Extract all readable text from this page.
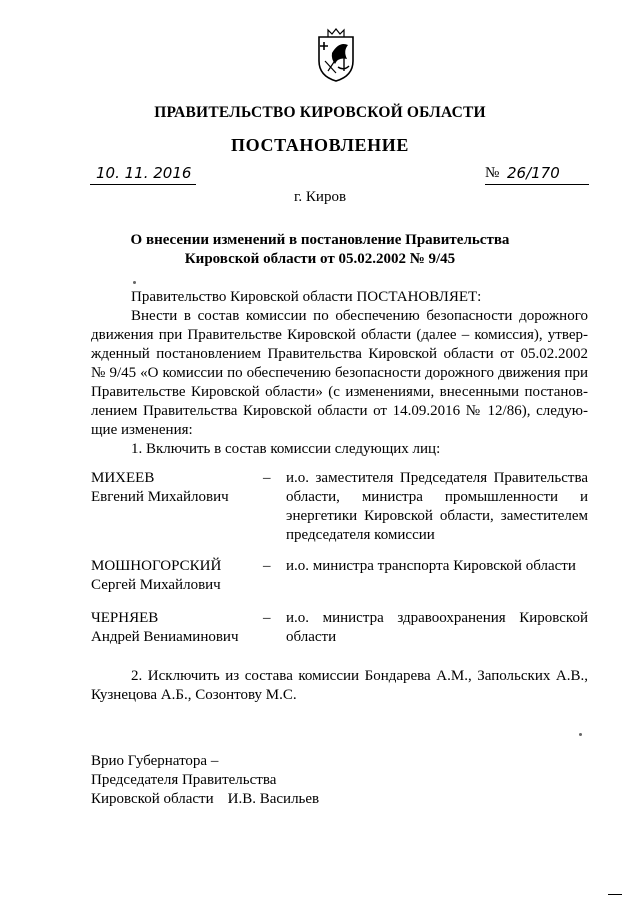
ПРАВИТЕЛЬСТВО КИРОВСКОЙ ОБЛАСТИ
ПОСТАНОВЛЕНИЕ
10. 11. 2016	№ 26/170
г. Киров
О внесении изменений в постановление Правительства
Кировской области от 05.02.2002 № 9/45
Правительство Кировской области ПОСТАНОВЛЯЕТ:
Внести в состав комиссии по обеспечению безопасности дорожного
движения при Правительстве Кировской области (далее – комиссия), утвер-
жденный постановлением Правительства Кировской области от 05.02.2002
№ 9/45 «О комиссии по обеспечению безопасности дорожного движения при
Правительстве Кировской области» (с изменениями, внесенными постанов-
лением Правительства Кировской области от 14.09.2016 № 12/86), следую-
щие изменения:
1. Включить в состав комиссии следующих лиц:
МИХЕЕВ
Евгений Михайлович
– и.о. заместителя Председателя Правительства области, министра промышленности и энергетики Кировской области, заместителем председателя комиссии
МОШНОГОРСКИЙ
Сергей Михайлович
– и.о. министра транспорта Кировской области
ЧЕРНЯЕВ
Андрей Вениаминович
– и.о. министра здравоохранения Кировской области
2. Исключить из состава комиссии Бондарева А.М., Запольских А.В.,
Кузнецова А.Б., Созонтову М.С.
Врио Губернатора –
Председателя Правительства
Кировской области И.В. Васильев
